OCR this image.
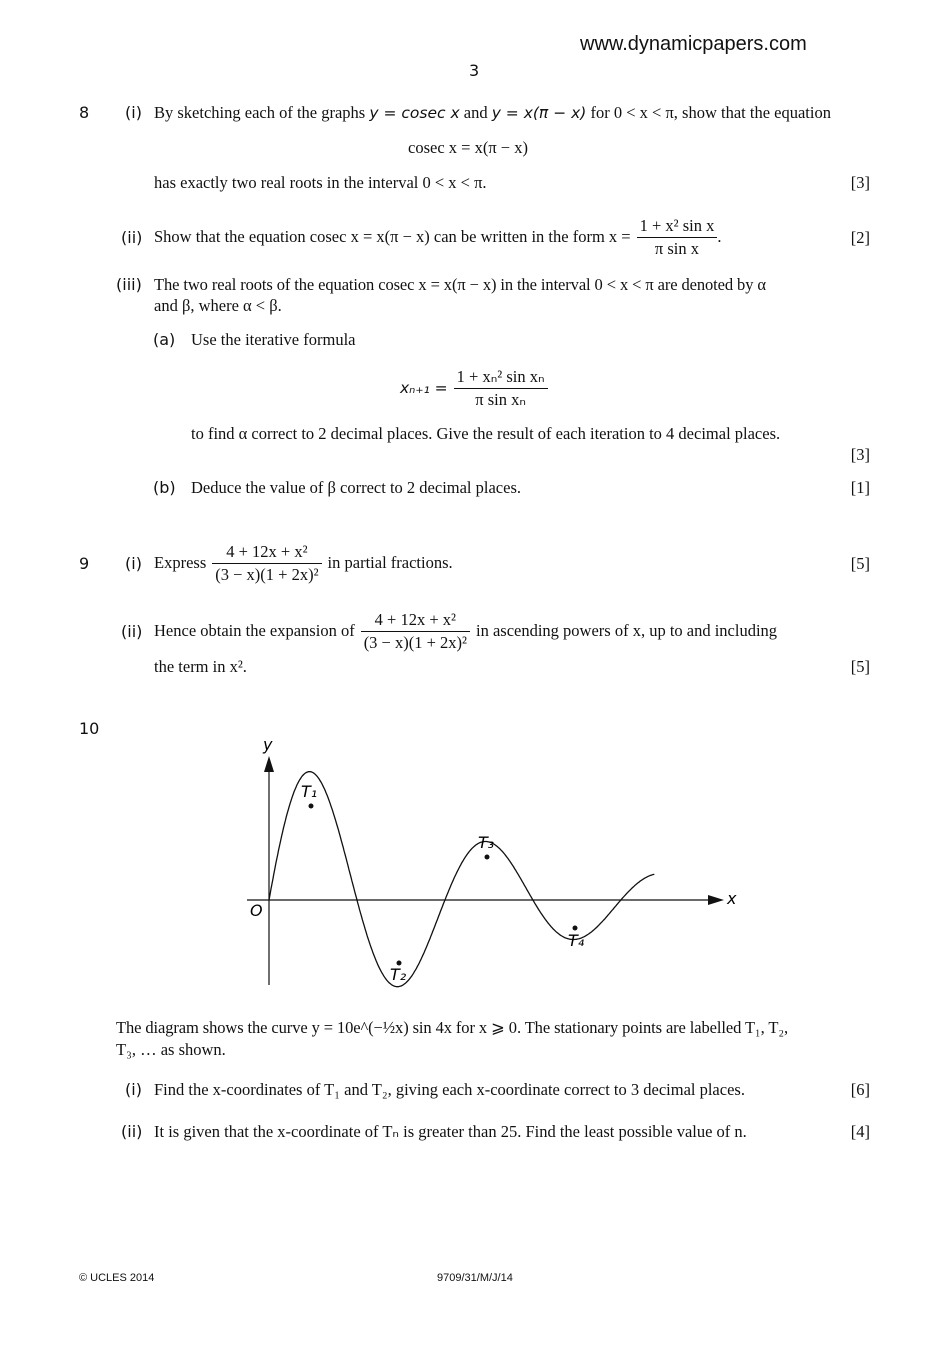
www.dynamicpapers.com
3
8 (i) By sketching each of the graphs y = cosec x and y = x(π − x) for 0 < x < π, show that the equation
cosec x = x(π − x)
has exactly two real roots in the interval 0 < x < π.	[3]
(ii) Show that the equation cosec x = x(π − x) can be written in the form $x = \frac{\text{1 + x² sin x}}{\text{π sin x}}$ .	[2]
(iii) The two real roots of the equation cosec x = x(π − x) in the interval 0 < x < π are denoted by α
and β, where α < β.
(a) Use the iterative formula
$x_{n+1} = \frac{\text{1 + xₙ² sin xₙ}}{\text{π sin xₙ}}$
to find α correct to 2 decimal places. Give the result of each iteration to 4 decimal places.
[3]
(b) Deduce the value of β correct to 2 decimal places.	[1]
9 (i) Express $\frac{\text{4 + 12x + x²}}{\text{(3 − x)(1 + 2x)²}}$ in partial fractions.	[5]
(ii) Hence obtain the expansion of $\frac{\text{4 + 12x + x²}}{\text{(3 − x)(1 + 2x)²}}$ in ascending powers of x, up to and including
the term in x².	[5]
10
y
x
O
T₁
T₂
T₃
T₄
The diagram shows the curve y = 10e^(−½x) sin 4x for x ⩾ 0. The stationary points are labelled T₁, T₂,
T₃, … as shown.
(i) Find the x-coordinates of T₁ and T₂, giving each x-coordinate correct to 3 decimal places.	[6]
(ii) It is given that the x-coordinate of Tₙ is greater than 25. Find the least possible value of n.	[4]
© UCLES 2014	9709/31/M/J/14
